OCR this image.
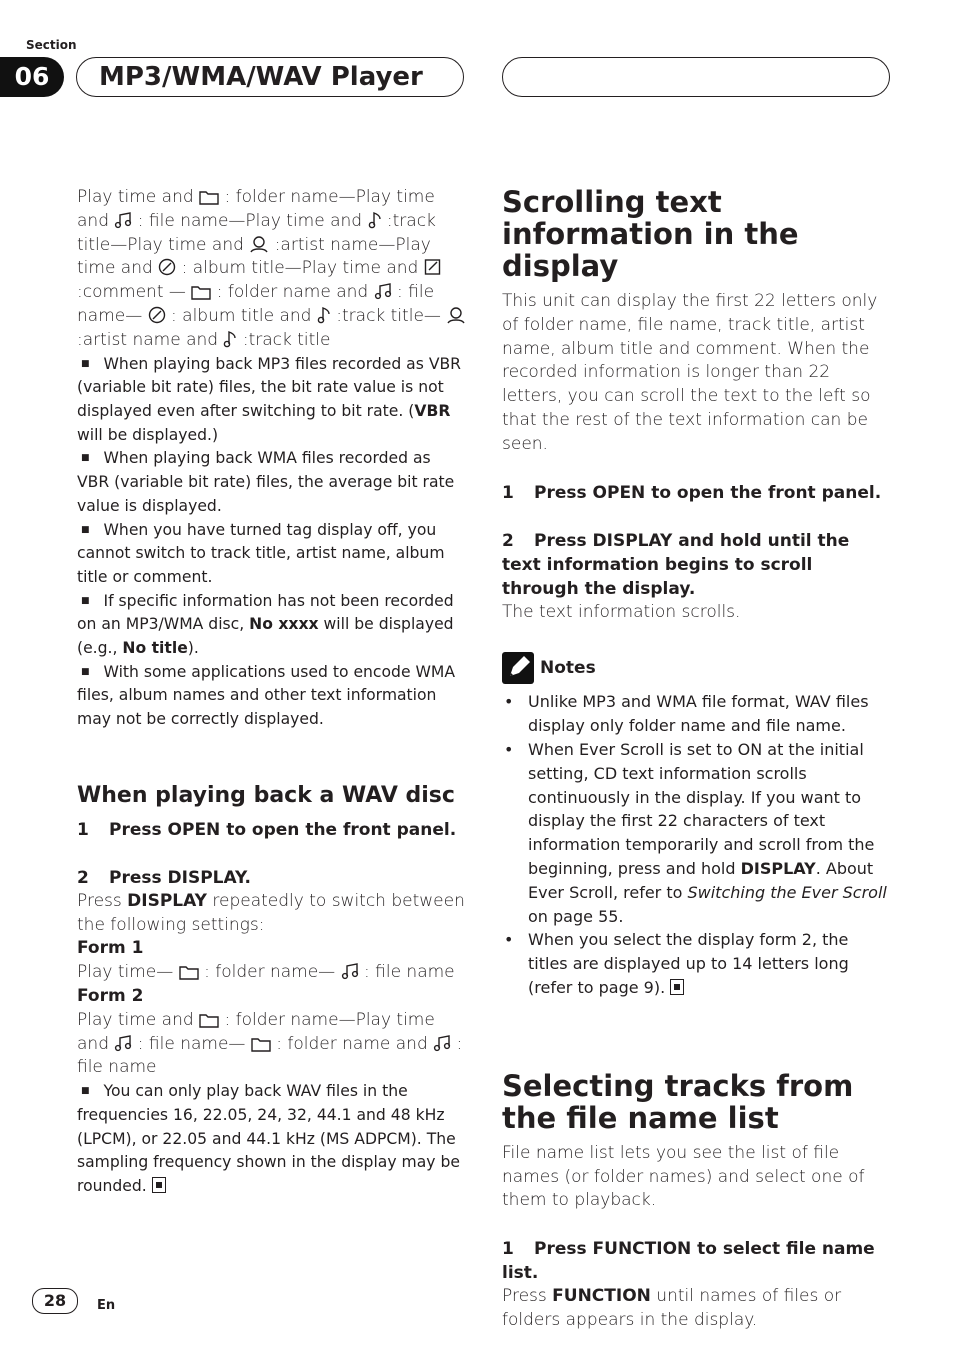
Section
06	MP3/WMA/WAV Player

Play time and  : folder name—Play time and  : file name—Play time and  :track title—Play time and  :artist name—Play time and  : album title—Play time and  :comment — : folder name and  : file name— : album title and  :track title—  :artist name and  :track title

■ When playing back MP3 files recorded as VBR (variable bit rate) files, the bit rate value is not displayed even after switching to bit rate. (VBR will be displayed.)

■ When playing back WMA files recorded as VBR (variable bit rate) files, the average bit rate value is displayed.

■ When you have turned tag display off, you cannot switch to track title, artist name, album title or comment.

■ If specific information has not been recorded on an MP3/WMA disc, No xxxx will be displayed (e.g., No title).

■ With some applications used to encode WMA files, album names and other text information may not be correctly displayed.

When playing back a WAV disc

1 Press OPEN to open the front panel.

2 Press DISPLAY.

Press DISPLAY repeatedly to switch between the following settings:

Form 1

Play time— : folder name— : file name

Form 2

Play time and  : folder name—Play time and  : file name— : folder name and  : file name

■ You can only play back WAV files in the frequencies 16, 22.05, 24, 32, 44.1 and 48 kHz (LPCM), or 22.05 and 44.1 kHz (MS ADPCM). The sampling frequency shown in the display may be rounded.

Scrolling text information in the display

This unit can display the first 22 letters only of folder name, file name, track title, artist name, album title and comment. When the recorded information is longer than 22 letters, you can scroll the text to the left so that the rest of the text information can be seen.

1 Press OPEN to open the front panel.

2 Press DISPLAY and hold until the text information begins to scroll through the display.

The text information scrolls.

Notes
• Unlike MP3 and WMA file format, WAV files display only folder name and file name.
• When Ever Scroll is set to ON at the initial setting, CD text information scrolls continuously in the display. If you want to display the first 22 characters of text information temporarily and scroll from the beginning, press and hold DISPLAY. About Ever Scroll, refer to Switching the Ever Scroll on page 55.
• When you select the display form 2, the titles are displayed up to 14 letters long (refer to page 9).

Selecting tracks from the file name list

File name list lets you see the list of file names (or folder names) and select one of them to playback.

1 Press FUNCTION to select file name list.

Press FUNCTION until names of files or folders appears in the display.

28	En
